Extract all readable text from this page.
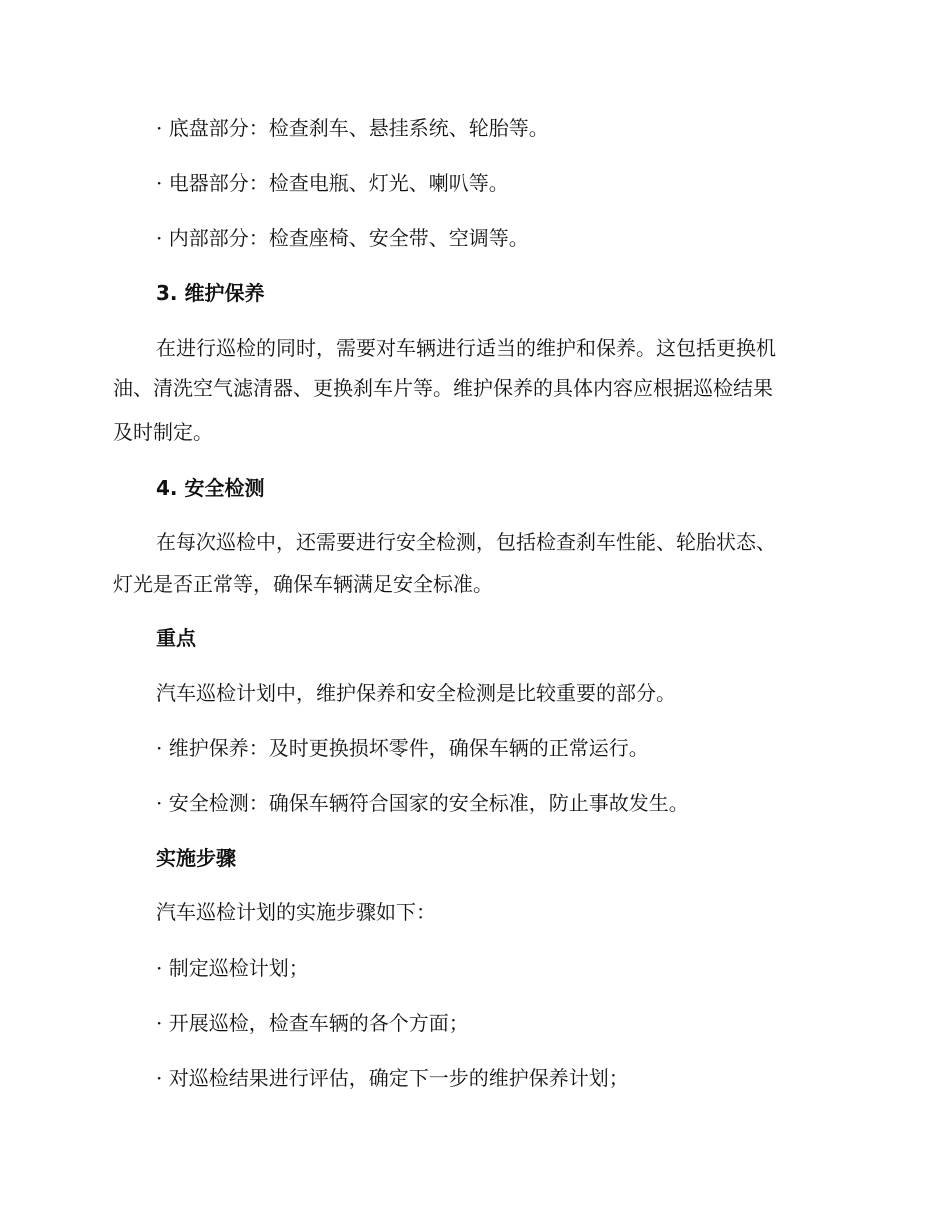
· 底盘部分：检查刹车、悬挂系统、轮胎等。
· 电器部分：检查电瓶、灯光、喇叭等。
· 内部部分：检查座椅、安全带、空调等。
3. 维护保养
在进行巡检的同时，需要对车辆进行适当的维护和保养。这包括更换机
油、清洗空气滤清器、更换刹车片等。维护保养的具体内容应根据巡检结果
及时制定。
4. 安全检测
在每次巡检中，还需要进行安全检测，包括检查刹车性能、轮胎状态、
灯光是否正常等，确保车辆满足安全标准。
重点
汽车巡检计划中，维护保养和安全检测是比较重要的部分。
· 维护保养：及时更换损坏零件，确保车辆的正常运行。
· 安全检测：确保车辆符合国家的安全标准，防止事故发生。
实施步骤
汽车巡检计划的实施步骤如下：
· 制定巡检计划；
· 开展巡检，检查车辆的各个方面；
· 对巡检结果进行评估，确定下一步的维护保养计划；
